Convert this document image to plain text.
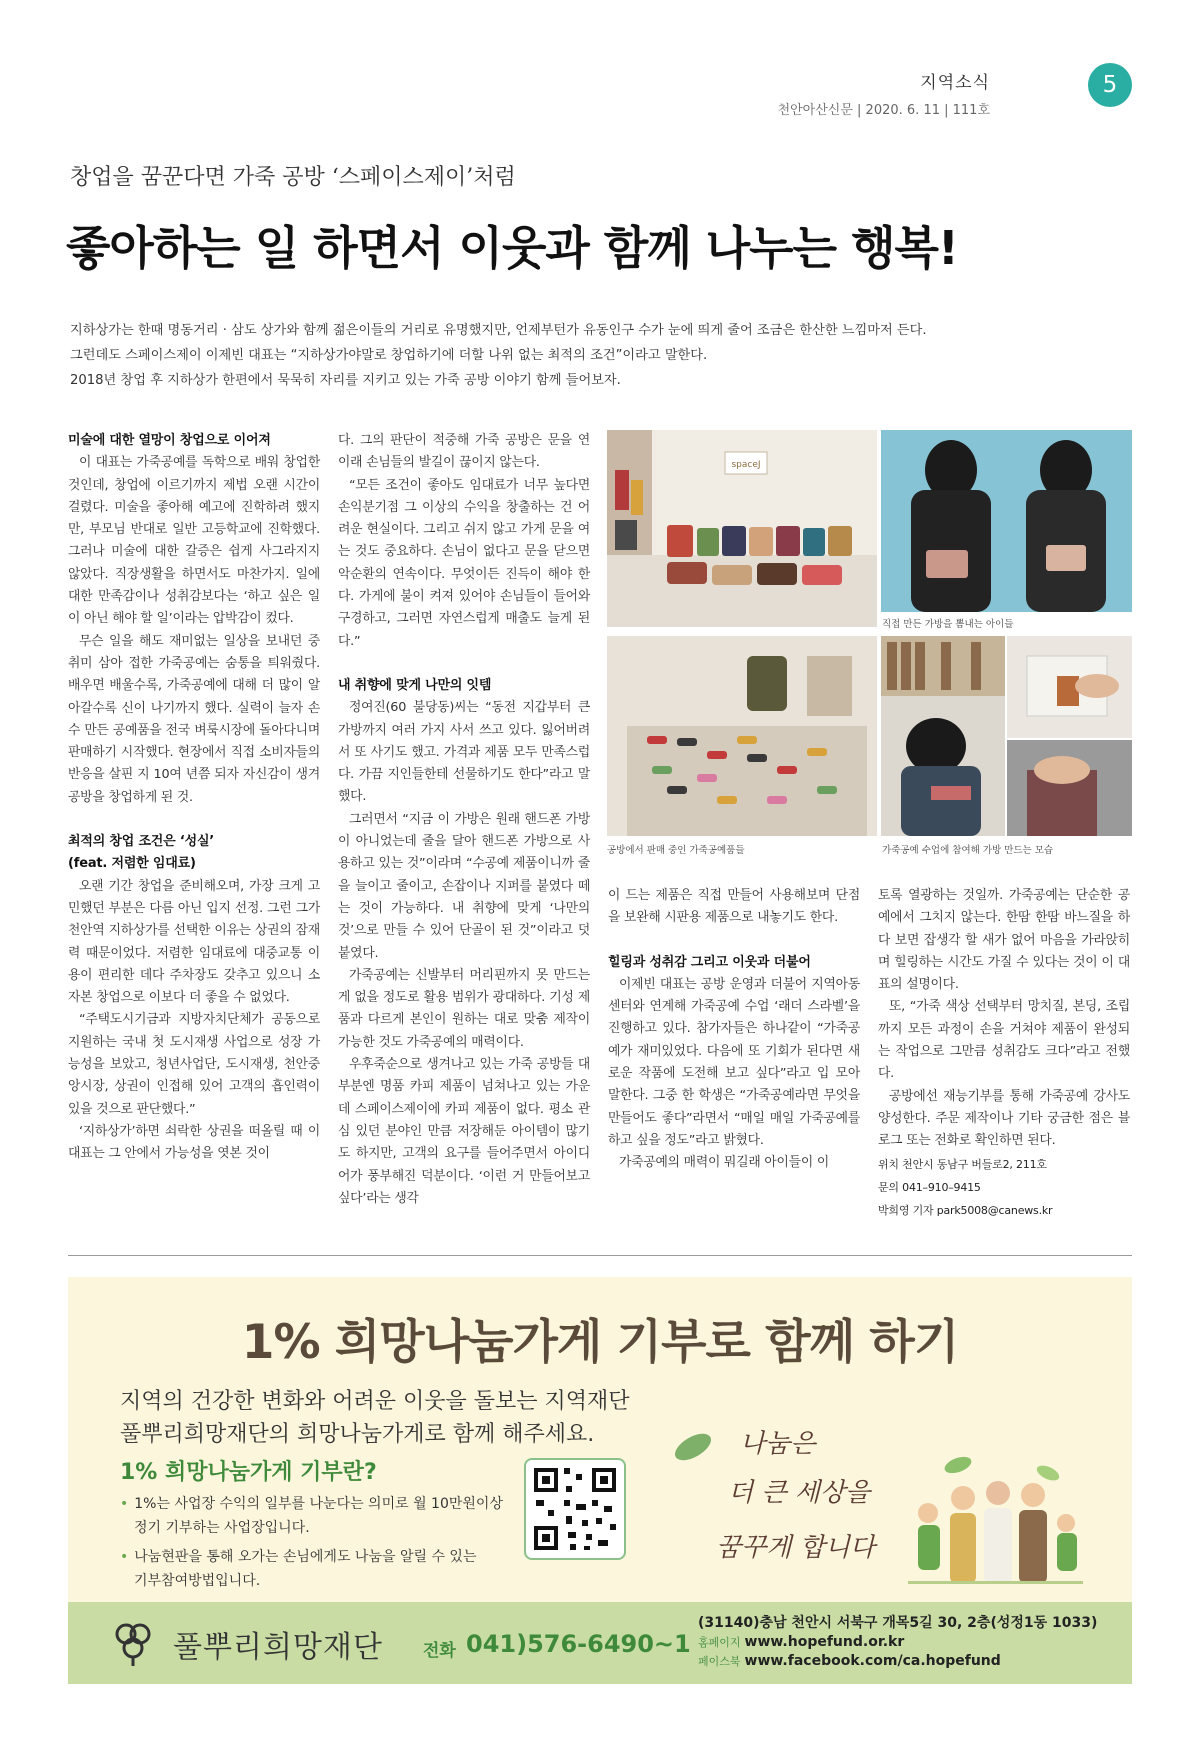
지역소식
천안아산신문 | 2020. 6. 11 | 111호
5
창업을 꿈꾼다면 가죽 공방 ‘스페이스제이’처럼
좋아하는 일 하면서 이웃과 함께 나누는 행복!

지하상가는 한때 명동거리 · 삼도 상가와 함께 젊은이들의 거리로 유명했지만, 언제부턴가 유동인구 수가 눈에 띄게 줄어 조금은 한산한 느낌마저 든다.

그런데도 스페이스제이 이제빈 대표는 “지하상가야말로 창업하기에 더할 나위 없는 최적의 조건”이라고 말한다.

2018년 창업 후 지하상가 한편에서 묵묵히 자리를 지키고 있는 가죽 공방 이야기 함께 들어보자.

미술에 대한 열망이 창업으로 이어져

이 대표는 가죽공예를 독학으로 배워 창업한 것인데, 창업에 이르기까지 제법 오랜 시간이 걸렸다. 미술을 좋아해 예고에 진학하려 했지만, 부모님 반대로 일반 고등학교에 진학했다. 그러나 미술에 대한 갈증은 쉽게 사그라지지 않았다. 직장생활을 하면서도 마찬가지. 일에 대한 만족감이나 성취감보다는 ‘하고 싶은 일이 아닌 해야 할 일’이라는 압박감이 컸다.

무슨 일을 해도 재미없는 일상을 보내던 중 취미 삼아 접한 가죽공예는 숨통을 틔워줬다. 배우면 배울수록, 가죽공예에 대해 더 많이 알아갈수록 신이 나기까지 했다. 실력이 늘자 손수 만든 공예품을 전국 벼룩시장에 돌아다니며 판매하기 시작했다. 현장에서 직접 소비자들의 반응을 살핀 지 10여 년쯤 되자 자신감이 생겨 공방을 창업하게 된 것.

최적의 창업 조건은 ‘성실’

(feat. 저렴한 임대료)

오랜 기간 창업을 준비해오며, 가장 크게 고민했던 부분은 다름 아닌 입지 선정. 그런 그가 천안역 지하상가를 선택한 이유는 상권의 잠재력 때문이었다. 저렴한 임대료에 대중교통 이용이 편리한 데다 주차장도 갖추고 있으니 소자본 창업으로 이보다 더 좋을 수 없었다.

“주택도시기금과 지방자치단체가 공동으로 지원하는 국내 첫 도시재생 사업으로 성장 가능성을 보았고, 청년사업단, 도시재생, 천안중앙시장, 상권이 인접해 있어 고객의 흡인력이 있을 것으로 판단했다.”

‘지하상가’하면 쇠락한 상권을 떠올릴 때 이 대표는 그 안에서 가능성을 엿본 것이

다. 그의 판단이 적중해 가죽 공방은 문을 연 이래 손님들의 발길이 끊이지 않는다.

“모든 조건이 좋아도 임대료가 너무 높다면 손익분기점 그 이상의 수익을 창출하는 건 어려운 현실이다. 그리고 쉬지 않고 가게 문을 여는 것도 중요하다. 손님이 없다고 문을 닫으면 악순환의 연속이다. 무엇이든 진득이 해야 한다. 가게에 불이 켜져 있어야 손님들이 들어와 구경하고, 그러면 자연스럽게 매출도 늘게 된다.”

내 취향에 맞게 나만의 잇템

정여진(60 불당동)씨는 “동전 지갑부터 큰 가방까지 여러 가지 사서 쓰고 있다. 잃어버려서 또 사기도 했고. 가격과 제품 모두 만족스럽다. 가끔 지인들한테 선물하기도 한다”라고 말했다.

그러면서 “지금 이 가방은 원래 핸드폰 가방이 아니었는데 줄을 달아 핸드폰 가방으로 사용하고 있는 것”이라며 “수공예 제품이니까 줄을 늘이고 줄이고, 손잡이나 지퍼를 붙였다 떼는 것이 가능하다. 내 취향에 맞게 ‘나만의 것’으로 만들 수 있어 단골이 된 것”이라고 덧붙였다.

가죽공예는 신발부터 머리핀까지 못 만드는 게 없을 정도로 활용 범위가 광대하다. 기성 제품과 다르게 본인이 원하는 대로 맞춤 제작이 가능한 것도 가죽공예의 매력이다.

우후죽순으로 생겨나고 있는 가죽 공방들 대부분엔 명품 카피 제품이 넘쳐나고 있는 가운데 스페이스제이에 카피 제품이 없다. 평소 관심 있던 분야인 만큼 저장해둔 아이템이 많기도 하지만, 고객의 요구를 들어주면서 아이디어가 풍부해진 덕분이다. ‘이런 거 만들어보고 싶다’라는 생각

spaceJ
직접 만든 가방을 뽐내는 아이들
공방에서 판매 중인 가죽공예품들	가죽공예 수업에 참여해 가방 만드는 모습

이 드는 제품은 직접 만들어 사용해보며 단점을 보완해 시판용 제품으로 내놓기도 한다.

힐링과 성취감 그리고 이웃과 더불어

이제빈 대표는 공방 운영과 더불어 지역아동센터와 연계해 가죽공예 수업 ‘래더 스라벨’을 진행하고 있다. 참가자들은 하나같이 “가죽공예가 재미있었다. 다음에 또 기회가 된다면 새로운 작품에 도전해 보고 싶다”라고 입 모아 말한다. 그중 한 학생은 “가죽공예라면 무엇을 만들어도 좋다”라면서 “매일 매일 가죽공예를 하고 싶을 정도”라고 밝혔다.

가죽공예의 매력이 뭐길래 아이들이 이

토록 열광하는 것일까. 가죽공예는 단순한 공예에서 그치지 않는다. 한땀 한땀 바느질을 하다 보면 잡생각 할 새가 없어 마음을 가라앉히며 힐링하는 시간도 가질 수 있다는 것이 이 대표의 설명이다.

또, “가죽 색상 선택부터 망치질, 본딩, 조립까지 모든 과정이 손을 거쳐야 제품이 완성되는 작업으로 그만큼 성취감도 크다”라고 전했다.

공방에선 재능기부를 통해 가죽공예 강사도 양성한다. 주문 제작이나 기타 궁금한 점은 블로그 또는 전화로 확인하면 된다.

위치 천안시 동남구 버들로2, 211호

문의 041–910–9415

박희영 기자 park5008@canews.kr

1% 희망나눔가게 기부로 함께 하기
지역의 건강한 변화와 어려운 이웃을 돌보는 지역재단
풀뿌리희망재단의 희망나눔가게로 함께 해주세요.
1% 희망나눔가게 기부란?
• 1%는 사업장 수익의 일부를 나눈다는 의미로 월 10만원이상
정기 기부하는 사업장입니다.
• 나눔현판을 통해 오가는 손님에게도 나눔을 알릴 수 있는
기부참여방법입니다.
나눔은
더 큰 세상을
꿈꾸게 합니다
풀뿌리희망재단 전화 041)576-6490~1
(31140)충남 천안시 서북구 개목5길 30, 2층(성정1동 1033)
홈페이지 www.hopefund.or.kr
페이스북 www.facebook.com/ca.hopefund
